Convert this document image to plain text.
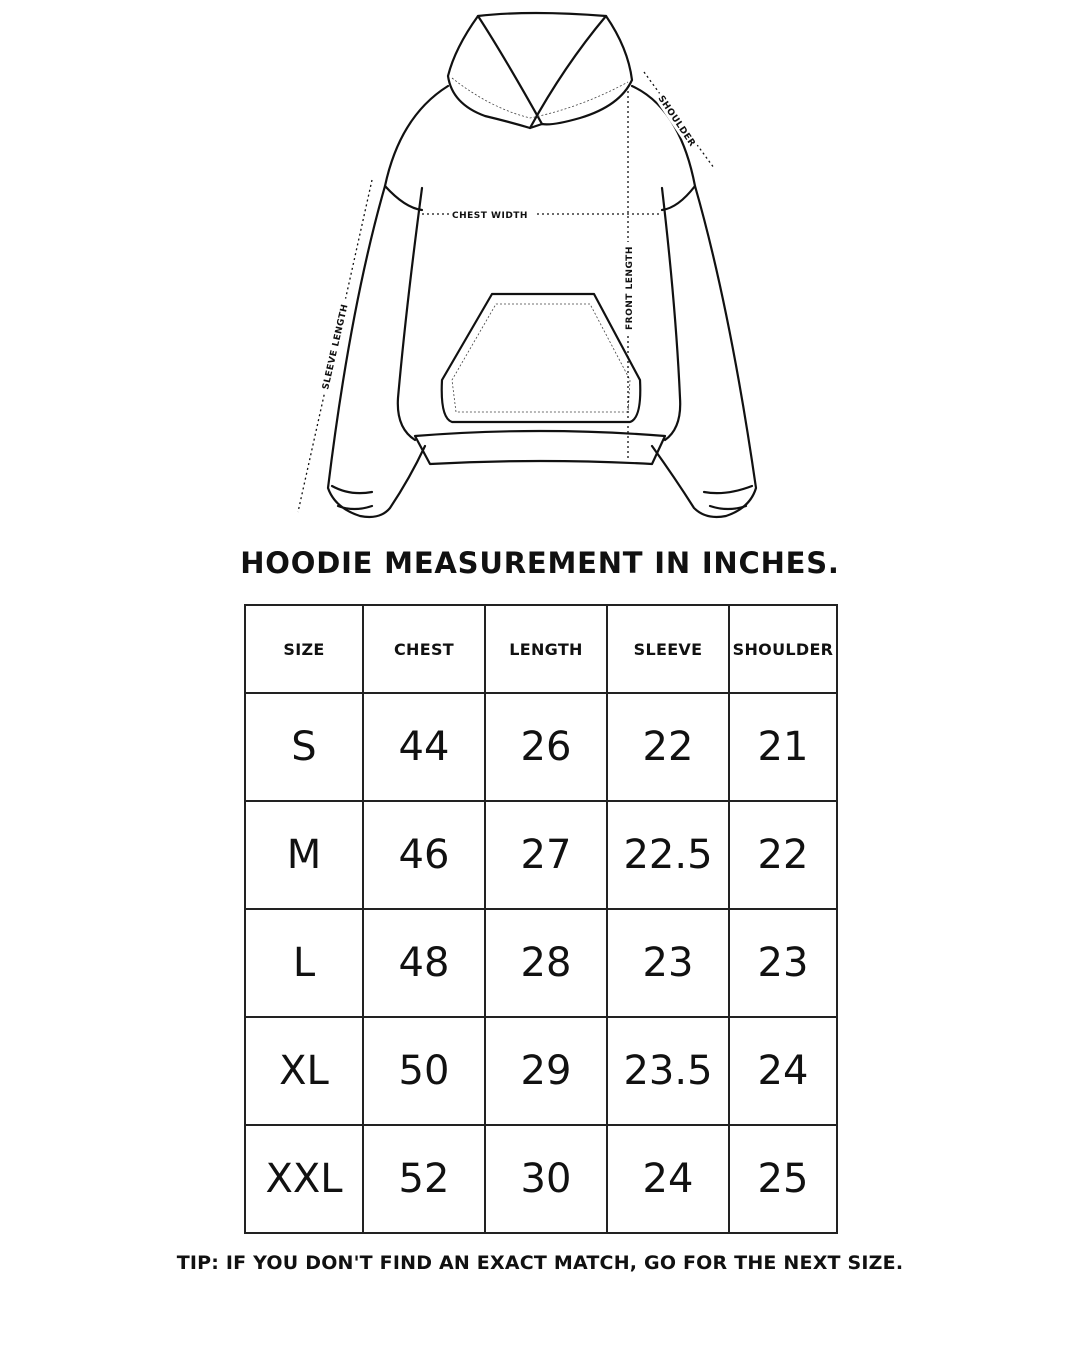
CHEST WIDTH
FRONT LENGTH
SHOULDER
SLEEVE LENGTH
HOODIE MEASUREMENT IN INCHES.
SIZE	CHEST	LENGTH	SLEEVE	SHOULDER
S	44	26	22	21
M	46	27	22.5	22
L	48	28	23	23
XL	50	29	23.5	24
XXL	52	30	24	25

TIP: IF YOU DON'T FIND AN EXACT MATCH, GO FOR THE NEXT SIZE.
